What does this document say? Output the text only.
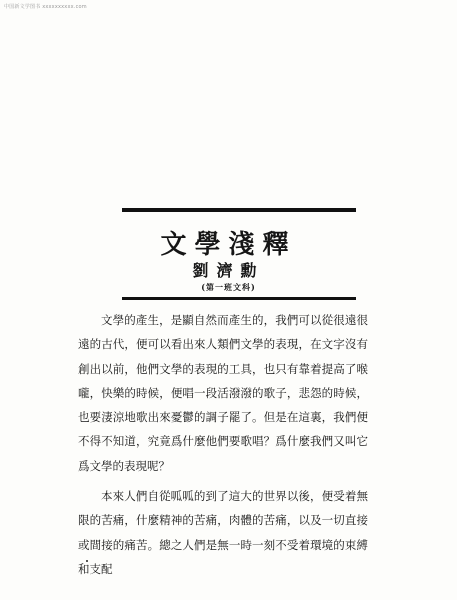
中国新文学图书 xxxxxxxxxx.com
文學淺釋
劉濟勳
(第一班文科)

文學的產生，是顯自然而產生的，我們可以從很遠很遠的古代，便可以看出來人類們文學的表現，在文字沒有創出以前，他們文學的表現的工具，也只有靠着提高了喉嚨，快樂的時候，便唱一段活潑潑的歌子，悲怨的時候，也要淒涼地歌出來憂鬱的調子罷了。但是在這裏，我們便不得不知道，究竟爲什麼他們要歌唱？爲什麼我們又叫它爲文學的表現呢？

本來人們自從呱呱的到了這大的世界以後，便受着無限的苦痛，什麼精神的苦痛，肉體的苦痛，以及一切直接或間接的痛苦。總之人們是無一時一刻不受着環境的束縛和支配
